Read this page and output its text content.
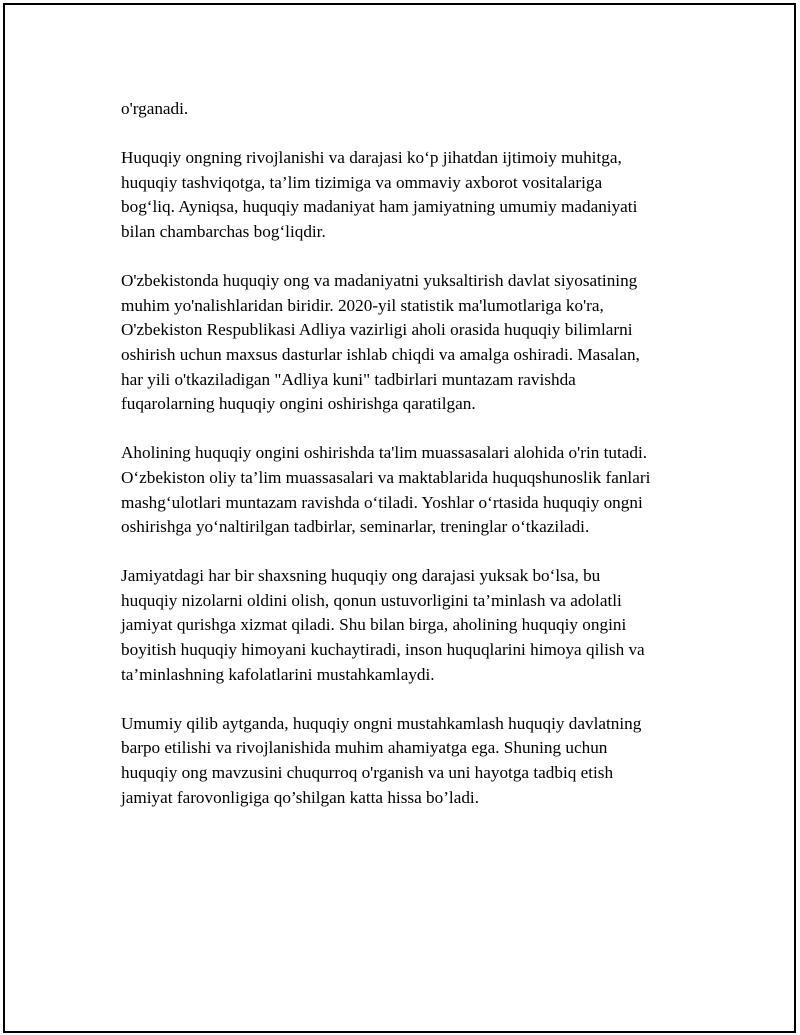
o'rganadi.

Huquqiy ongning rivojlanishi va darajasi ko‘p jihatdan ijtimoiy muhitga,
huquqiy tashviqotga, ta’lim tizimiga va ommaviy axborot vositalariga
bog‘liq. Ayniqsa, huquqiy madaniyat ham jamiyatning umumiy madaniyati
bilan chambarchas bog‘liqdir.

O'zbekistonda huquqiy ong va madaniyatni yuksaltirish davlat siyosatining
muhim yo'nalishlaridan biridir. 2020-yil statistik ma'lumotlariga ko'ra,
O'zbekiston Respublikasi Adliya vazirligi aholi orasida huquqiy bilimlarni
oshirish uchun maxsus dasturlar ishlab chiqdi va amalga oshiradi. Masalan,
har yili o'tkaziladigan "Adliya kuni" tadbirlari muntazam ravishda
fuqarolarning huquqiy ongini oshirishga qaratilgan.

Aholining huquqiy ongini oshirishda ta'lim muassasalari alohida o'rin tutadi.
O‘zbekiston oliy ta’lim muassasalari va maktablarida huquqshunoslik fanlari
mashg‘ulotlari muntazam ravishda o‘tiladi. Yoshlar o‘rtasida huquqiy ongni
oshirishga yo‘naltirilgan tadbirlar, seminarlar, treninglar o‘tkaziladi.

Jamiyatdagi har bir shaxsning huquqiy ong darajasi yuksak bo‘lsa, bu
huquqiy nizolarni oldini olish, qonun ustuvorligini ta’minlash va adolatli
jamiyat qurishga xizmat qiladi. Shu bilan birga, aholining huquqiy ongini
boyitish huquqiy himoyani kuchaytiradi, inson huquqlarini himoya qilish va
ta’minlashning kafolatlarini mustahkamlaydi.

Umumiy qilib aytganda, huquqiy ongni mustahkamlash huquqiy davlatning
barpo etilishi va rivojlanishida muhim ahamiyatga ega. Shuning uchun
huquqiy ong mavzusini chuqurroq o'rganish va uni hayotga tadbiq etish
jamiyat farovonligiga qo’shilgan katta hissa bo’ladi.
